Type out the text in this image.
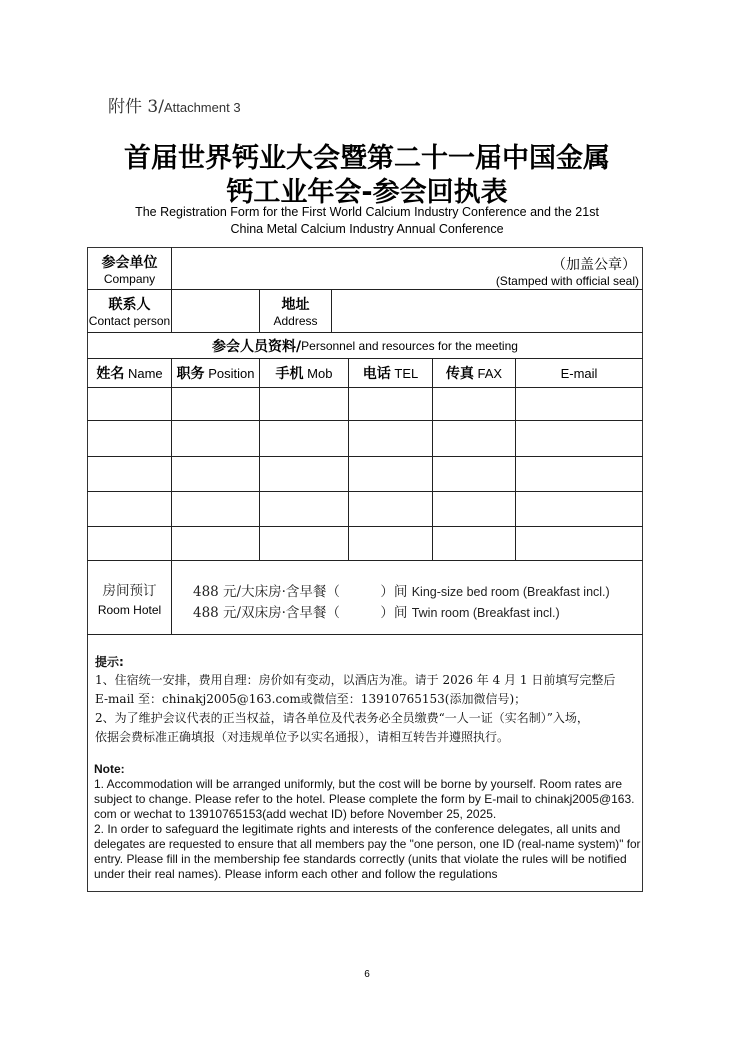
附件 3/Attachment 3
首届世界钙业大会暨第二十一届中国金属
钙工业年会-参会回执表
The Registration Form for the First World Calcium Industry Conference and the 21st
China Metal Calcium Industry Annual Conference
参会单位
Company
（加盖公章）
(Stamped with official seal)
联系人
Contact person
地址
Address
参会人员资料/ Personnel and resources for the meeting
姓名
Name 职务
Position 手机
Mob 电话
TEL 传真
FAX	E-mail
房间预订
Room Hotel
488 元/大床房·含早餐（　　　）间 King-size bed room (Breakfast incl.)
488 元/双床房·含早餐（　　　）间 Twin room (Breakfast incl.)
提示:
1、住宿统一安排，费用自理：房价如有变动，以酒店为准。请于 2026 年 4 月 1 日前填写完整后
E-mail 至：chinakj2005@163.com或微信至：13910765153(添加微信号)；
2、为了维护会议代表的正当权益，请各单位及代表务必全员缴费“一人一证（实名制）”入场，
依据会费标准正确填报（对违规单位予以实名通报），请相互转告并遵照执行。
Note:
1. Accommodation will be arranged uniformly, but the cost will be borne by yourself. Room rates are
subject to change. Please refer to the hotel. Please complete the form by E-mail to chinakj2005@163.
com or wechat to 13910765153(add wechat ID) before November 25, 2025.
2. In order to safeguard the legitimate rights and interests of the conference delegates, all units and
delegates are requested to ensure that all members pay the "one person, one ID (real-name system)" for
entry. Please fill in the membership fee standards correctly (units that violate the rules will be notified
under their real names). Please inform each other and follow the regulations
6
